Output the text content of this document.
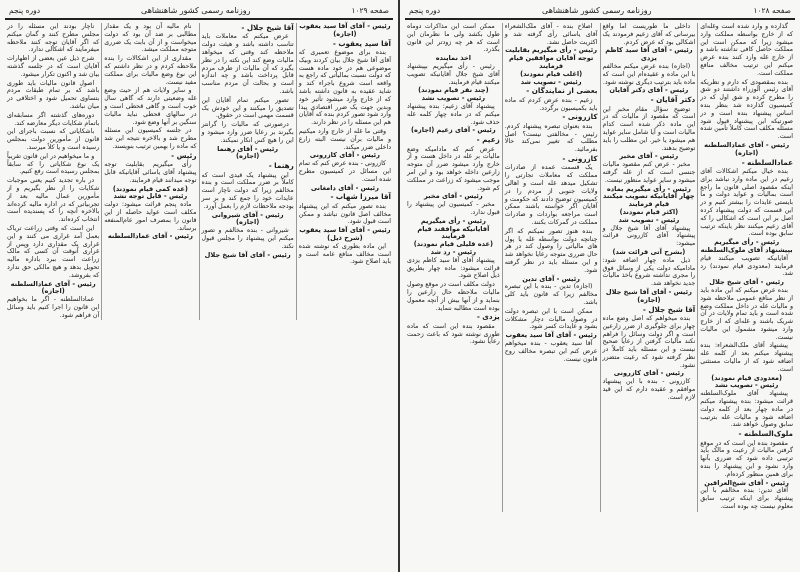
صفحه ۱۰۲۹
روزنامه رسمی کشور شاهنشاهی
دوره پنجم

رئیس - آقای آقا سید یعقوب

(اجازه)

آقا سید یعقوب -

بنده برای موضوع تعمیری که آقای آقا شیخ جلال بیان کردند وبیک موضوعی هم در خود ماده هست که دولت نسبت بمالیاتی که راجع به واقعه است شروع باجراء کند و شاید عقیده به قانون داشته باشد که از خارج وارد میشود تأثیر خود وبدین جهت یک ضرر اقتصادی پیدا وارد شود تصور کردم بنده که آقایان هم این مسئله را در نظر دارند.

وقتی ما غله از خارج وارد میکنیم و مالیات برآن نیست البته زارع داخلی ضرر میکند.

رئیس - آقای کازرونی

کازرونی - بنده عرض کنم که تمام این مسائل در کمیسیون مطرح شده است.

رئیس - آقای دامغانی

آقا میرزا شهاب -

بنده تصور میکنم که این پیشنهاد مخالف اصل قانون نباشد و ممکن است قبول شود.

رئیس - آقای آقا سید یعقوب

(شرح ذیل)

این ماده بطوری که نوشته شده است مخالف منافع عامه است و باید اصلاح شود.

آقا شیخ جلال -

عرض میکنم که معاملات باید تناسب داشته باشد و هیئت دولت ملاحظه کند وقتی که میخواهد مالیات وضع کند این نکته را در نظر بگیرد که آن مالیات از طرف مردم قابل پرداخت باشد و چه اندازه است و بحالت آن مردم مناسب باشد.

تصور میکنم تمام آقایان این تصدیق را میکنند و این خودش یک قسمت مهمی است در حقوق.

درصورتی که مالیات را گرانتر بگیرند بر رعایا ضرر وارد میشود و این را هیچ کس انکار نمیکند.

رئیس - آقای رهنما

(اجازه)

رهنما -

این پیشنهاد یک قیدی است که کاملاً بر ضرر مملکت است و بنده مخالفم زیرا که دولت ناچار است عایدات خود را جمع کند و بر سر بودجه ملاحظات لازم را بعمل آورد.

رئیس - آقای شیروانی

(اجازه)

شیروانی - بنده مخالفم و تصور میکنم این پیشنهاد را مجلس قبول نکند.

رئیس - آقای آقا شیخ جلال

نام مالیه آن بود و یک مقدار مطالبی بر ضد آن بود که دولت میخواست و از آن بابت یک ضرری متوجه مملکت میشد.

مقداری از این اشکالات را بنده ملاحظه کردم و در نظر داشتم که این نوع وضع مالیات برای مملکت مفید نیست.

و سایر ولایات هم از حیث وضع غله وضعیتی دارند که گاهی سال خوب است و گاهی قحطی است و در سالهای قحطی نباید مالیات سنگین بر آنها وضع شود.

در جلسه کمیسیون این مسئله مطرح شد و بالاخره نتیجه این شد که ماده را بهمین ترتیب بنویسند.

رئیس -

رأی میگیریم بقابلیت توجه پیشنهاد آقای یاسائی آقایانیکه قابل توجه میدانند قیام فرمایند.

(عده کمی قیام نمودند)

رئیس - قابل توجه نشد

ماده پنجم قرائت میشود: دولت مکلف است عواید حاصله از این قانون را بمصرف امور عام‌المنفعه برساند.

رئیس - آقای عمادالسلطنه

ناچار بودند این مسئله را در مجلس مطرح کنند و گمان میکنم که اگر آقایان توجه کنند ملاحظه میفرمایند که اشکالی ندارد.

شرح ذیل عین بعضی از اظهارات آقایان است که در جلسه گذشته بیان شد و اکنون تکرار میشود.

اصول قانون مالیات باید طوری باشد که بر تمام طبقات مردم بتساوی تحمیل شود و اختلافی در میان نباشد.

دوره‌های گذشته اگر مسابقه‌ای باتمام شکایات دیگر معارضه کند.

باشکایاتی که نسبت باجرای این قانون از مأمورین دولت بمجلس رسیده است و یا کلاً میرسد.

و ما میخواهیم در این قانون تقریباً یک نوع شکایاتی را که سابقاً بمجلس رسیده است رفع کنیم.

در باره تجدید کنیم یعنی موجبات شکایات را از نظر بگیریم و از مأمورین عمال مالیه بعد از تجربیاتی که در اداره مالیه کرده‌اند بالاخره آنچه را که پسندیده است انتخاب کرده‌اند.

این است که وقتی زراعت تریاک بعمل آمد غراری می کنند و این غراری یک مقداری دارد وپس از غراری آنوقت آن کسی که مالک زراعت است ببرد باداره مالیه تحویل بدهد و هیچ مالکی حق ندارد که بفروشد.

رئیس - آقای عمادالسلطنه

(اجازه)

عمادالسلطنه - اگر ما بخواهیم این قانون را اجرا کنیم باید وسائل آن فراهم شود.

صفحه ۱۰۲۸
روزنامه رسمی کشور شاهنشاهی
دوره پنجم

گذارده و وارد شده است وغله‌ای که از خارج بواسطه مملکت وارد میشود زیرا که ممکن است این مملکت حاصل کافی نداشته باشد و از خارج غله وارد کنند بنده عرض میکنم این ترتیب مخالف منافع مملکت است.

بنده بمقصودی که دارم و نظریکه آقای رئیس الوزراء داشتند دو شق را مطرح کرده و شق اول که در کمیسیون گذارده شد بنظر بنده اساس پیشنهاد بنده است و در صورتیکه این پیشنهاد قبول شود مسئله مکلف است کاملاً تأمین شده است.

رئیس - آقای عمادالسلطنه

(اجازه)

عمادالسلطنه -

بنده خیال میکنم اشکالات آقای زعیم در این ماده وارد نباشد برای اینکه مقصود اصلی قانون ما راجع است بمالیات و عواید دولت و ما بایستی عایدات را بیشتر کنیم و در این قسمت که دولت پیشنهاد کرده اصل بر این است که اشکالی را که آقای زعیم میکنند نظر باینکه ترتیب سابق بوده است.

رئیس - رأی میگیریم بپیشنهاد آقای ملوک‌السلطنه

آقایانیکه تصویب میکنند قیام فرمایند (معدودی قیام نمودند) رد شد.

رئیس - آقای شیخ جلال

بنده عرض میکنم که این ماده باید از نظر منافع عمومی ملاحظه شود و مالیات غله در داخل مملکت وضع شده است و باید تمام ولایات در آن شریک باشند و غله‌ای که از خارج وارد میشود مشمول این مالیات نیست.

پیشنهاد آقای ملک‌الشعراء: بنده پیشنهاد میکنم بعد از کلمه غله اضافه شود که از مالیات مستثنی است.

(معدودی قیام نمودند)

رئیس - تصویب نشد

پیشنهاد آقای ملوک‌السلطنه قرائت میشود: بنده پیشنهاد میکنم در ماده چهار بعد از کلمه دولت اضافه شود و مالیات غله بترتیب سابق وصول خواهد شد.

ملوک‌السلطنه -

مقصود بنده این است که در موقع گرفتن مالیات از رعیت و مالک باید ترتیبی داده شود که ضرری بآنها وارد نشود و این پیشنهاد را بنده برای همین منظور کرده‌ام.

رئیس - آقای شیخ‌العراقین

آقای تدین: بنده مخالفم با این پیشنهاد برای اینکه ترتیب سابق معلوم نیست چه بوده است.

داخلی ما طوریست اما واقع بیرسانی که آقای زعیم فرمودند یک اشکالی بود که عرض کردم.

رئیس - آقای آقا سید کاظم یزدی

(اجازه) بنده عرض میکنم مخالفم با این ماده و عقیده‌ام این است که ماده باید بترتیب دیگری نوشته شود.

رئیس - آقای دکتر آقایان

دکتر آقایان -

توضیح سؤال مقام مخبر این است که مقصود از مالیات که در این ماده ذکر شده است کدام مالیات است و آیا شامل سایر عواید هم میشود یا خیر. این مطلب را باید توضیح بدهند.

رئیس - آقای مخبر

مخبر - عرض کنم مقصود مالیات جنسی است که از غله گرفته میشود و سایر عواید منظور نیست.

رئیس - رأی میگیریم بماده چهار آقایانیکه تصویب میکنند قیام فرمایند

(اکثر قیام نمودند)

رئیس - تصویب شد

پیشنهاد آقای آقا شیخ جلال و پیشنهاد آقای کازرونی قرائت میشود:

(بشرح آتی قرائت شد)

ذیل ماده چهار اضافه شود: مادامیکه دولت یکی از وسائل فوق را مجری نداشته شروع باخذ مالیات جدید نخواهد شد.

رئیس - آقای آقا شیخ جلال

(اجازه)

آقا شیخ جلال -

بنده میخواهم که اصل وضع ماده چهار برای جلوگیری از ضرر زارعین است و اگر دولت وسائل را فراهم نکند مالیات گرفتن از رعایا صحیح نیست و این مسئله باید کاملاً در نظر گرفته شود که رعیت متضرر نشود.

رئیس - آقای کازرونی

کازرونی - بنده با این پیشنهاد موافقم و عقیده دارم که این قید لازم است.

اصلاح بنده - آقای ملک‌الشعراء آقای یاسائی رأی گرفته شد و اکثریت حاصل نشد.

رئیس - رأی میگیریم بقابلیت توجه آقایان موافقین قیام فرمایند

(اغلب قیام نمودند)

رئیس - تصویب شد

بعضی از نمایندگان -

زعیم - بنده عرض کردم که ماده باید بکمیسیون برگردد.

کازرونی -

بنده بعنوان تبصره پیشنهاد کردم. رئیس - مخالفتی نیست؟ اصل مطلب که تغییر نمی‌کند حالا بفرمائید.

کازرونی -

یک قسمت عمده از صادرات مملکت که معاملات تجارتی را تشکیل میدهد غله است و اهالی ولایات جنوبی از مردم را در کمیسیون توضیح دادند که حکومت و آقایان اگر خواسته باشند ممکن است مراجعه بواردات و صادرات مملکت در گمرکات بکنند.

بنده هنوز تصور نمیکنم که اگر چنانچه دولت بواسطه غله یا پول های مالیاتی را وصول کند در هر حال ضرری متوجه رعایا نخواهد شد و این مسئله باید در نظر گرفته شود.

رئیس - آقای تدین

(اجازه) تدین - بنده با این تبصره مخالفم زیرا که قانون باید کلی باشد.

ممکن است با این تبصره دولت در وصول مالیات دچار مشکلات بشود و عایدات کسر شود.

رئیس - آقای آقا سید یعقوب

آقا سید یعقوب - بنده میخواهم عرض کنم این تبصره مخالف روح قانون نیست.

ممکن است این مذاکرات دوماه طول بکشد ولی ما نظرمان این است که هر چه زودتر این قانون بگذرد.

اخذ نماینده

رئیس - رأی میگیریم بپیشنهاد آقای شیخ جلال آقایانیکه تصویب میکنند قیام فرمایند.

(چند نفر قیام نمودند)

رئیس - تصویب نشد

پیشنهاد آقای زعیم: بنده پیشنهاد میکنم که در ماده چهار کلمه غله حذف شود.

رئیس - آقای زعیم (اجازه)

زعیم -

عرض کنم که مادامیکه وضع مالیات بر غله در داخل هست و از خارج وارد میشود ضرر آن متوجه زارعین داخله خواهد بود و این امر موجب میشود که زراعت در مملکت کم شود.

رئیس - آقای مخبر

مخبر - کمیسیون این پیشنهاد را قبول ندارد.

رئیس - رأی میگیریم آقایانیکه موافقند قیام فرمایند

(عده قلیلی قیام نمودند)

رئیس - رد شد

پیشنهاد آقای آقا سید کاظم یزدی قرائت میشود: ماده چهار بطریق ذیل اصلاح شود.

دولت مکلف است در موقع وصول مالیات ملاحظه حال زارعین را بنماید و از آنها بیش از آنچه معمول بوده است مطالبه ننماید.

یزدی -

مقصود بنده این است که ماده طوری نوشته شود که باعث زحمت رعایا نشود.
